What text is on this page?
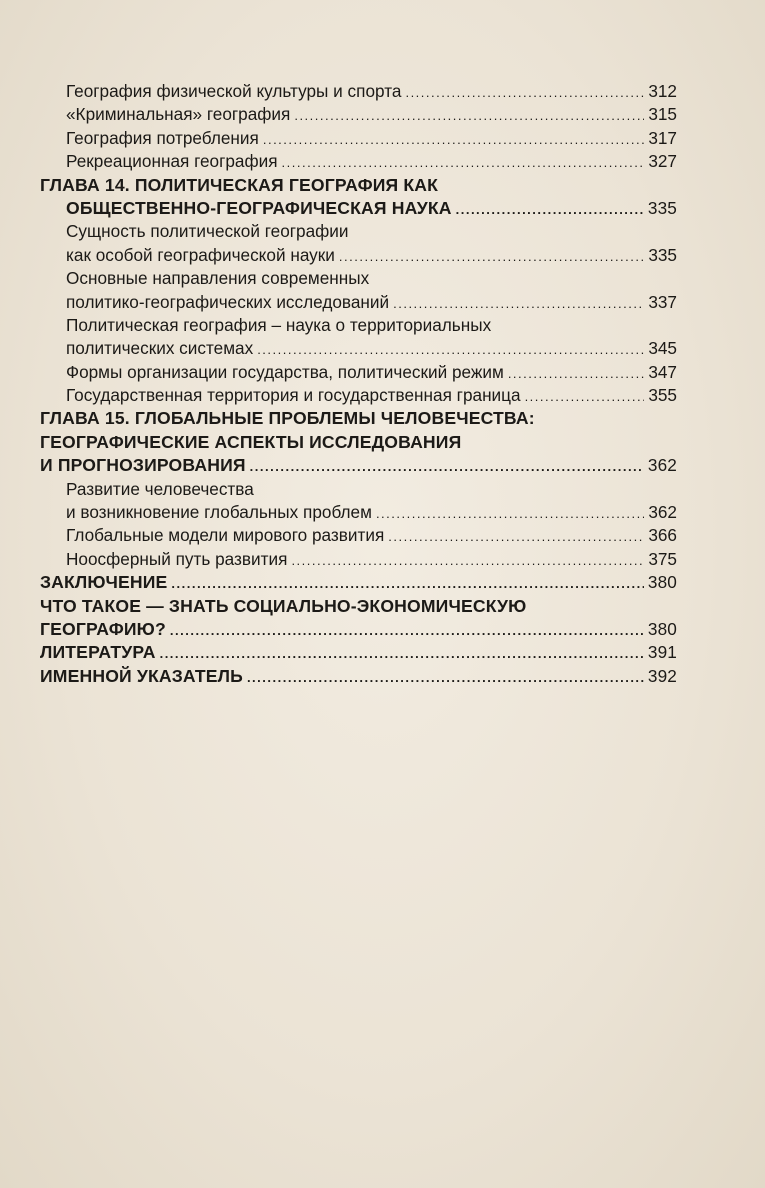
География физической культуры и спорта .....	312
«Криминальная» география .....	315
География потребления .....	317
Рекреационная география .....	327
ГЛАВА 14. ПОЛИТИЧЕСКАЯ ГЕОГРАФИЯ КАК
ОБЩЕСТВЕННО-ГЕОГРАФИЧЕСКАЯ НАУКА .....	335
Сущность политической географии
как особой географической науки .....	335
Основные направления современных
политико-географических исследований .....	337
Политическая география – наука о территориальных
политических системах .....	345
Формы организации государства, политический режим .....	347
Государственная территория и государственная граница .....	355
ГЛАВА 15. ГЛОБАЛЬНЫЕ ПРОБЛЕМЫ ЧЕЛОВЕЧЕСТВА:
ГЕОГРАФИЧЕСКИЕ АСПЕКТЫ ИССЛЕДОВАНИЯ
И ПРОГНОЗИРОВАНИЯ .....	362
Развитие человечества
и возникновение глобальных проблем .....	362
Глобальные модели мирового развития .....	366
Ноосферный путь развития .....	375
ЗАКЛЮЧЕНИЕ .....	380
ЧТО ТАКОЕ — ЗНАТЬ СОЦИАЛЬНО-ЭКОНОМИЧЕСКУЮ
ГЕОГРАФИЮ? .....	380
ЛИТЕРАТУРА .....	391
ИМЕННОЙ УКАЗАТЕЛЬ .....	392
